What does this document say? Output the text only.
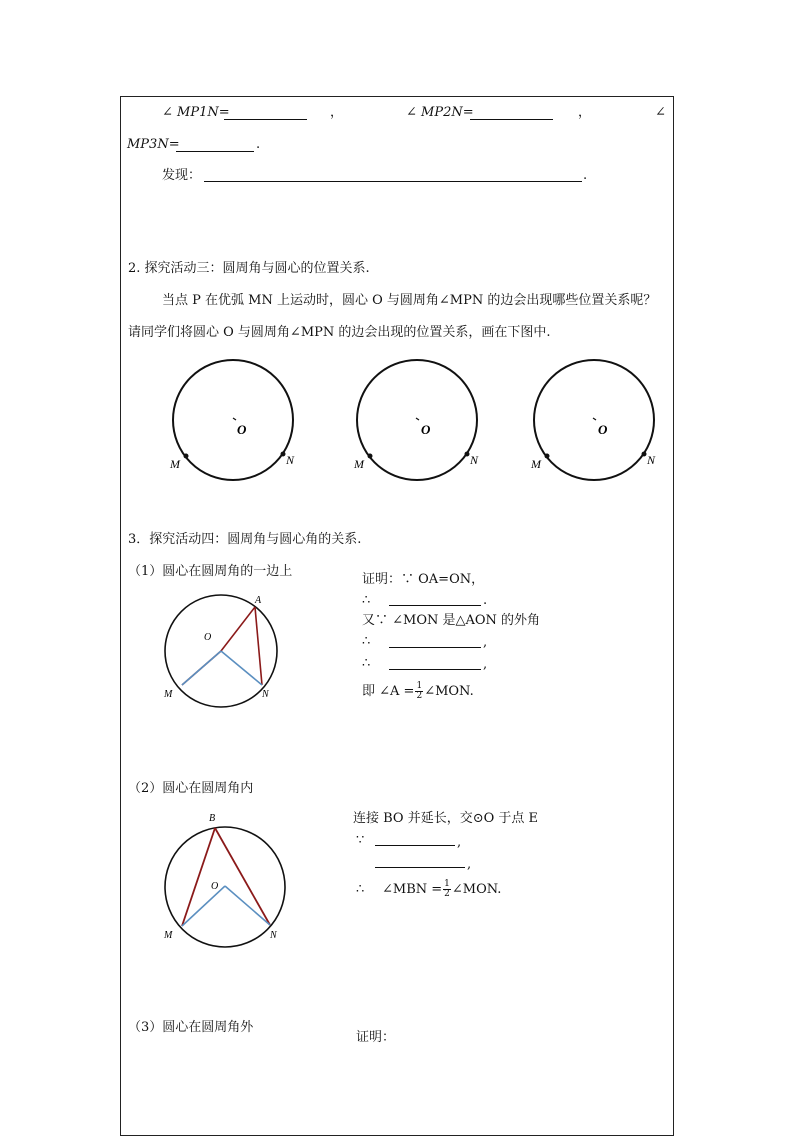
∠ MP1N=	，	∠ MP2N=	，	∠
MP3N=	.
发现：	.
2. 探究活动三：圆周角与圆心的位置关系.
当点 P 在优弧 MN 上运动时，圆心 O 与圆周角∠MPN 的边会出现哪些位置关系呢？
请同学们将圆心 O 与圆周角∠MPN 的边会出现的位置关系，画在下图中.
O
M	N
O
M	N
O
M	N
3．探究活动四：圆周角与圆心角的关系.
（1）圆心在圆周角的一边上
A
O
M	N
证明：∵ OA=ON，
∴	.
又∵ ∠MON 是△AON 的外角
∴	,
∴	,
即 ∠A = $\frac{1}{2}$ ∠MON.
（2）圆心在圆周角内
B
O
M	N
连接 BO 并延长，交⊙O 于点 E
∵	,
,
∴ ∠MBN = $\frac{1}{2}$ ∠MON.
（3）圆心在圆周角外
证明：
